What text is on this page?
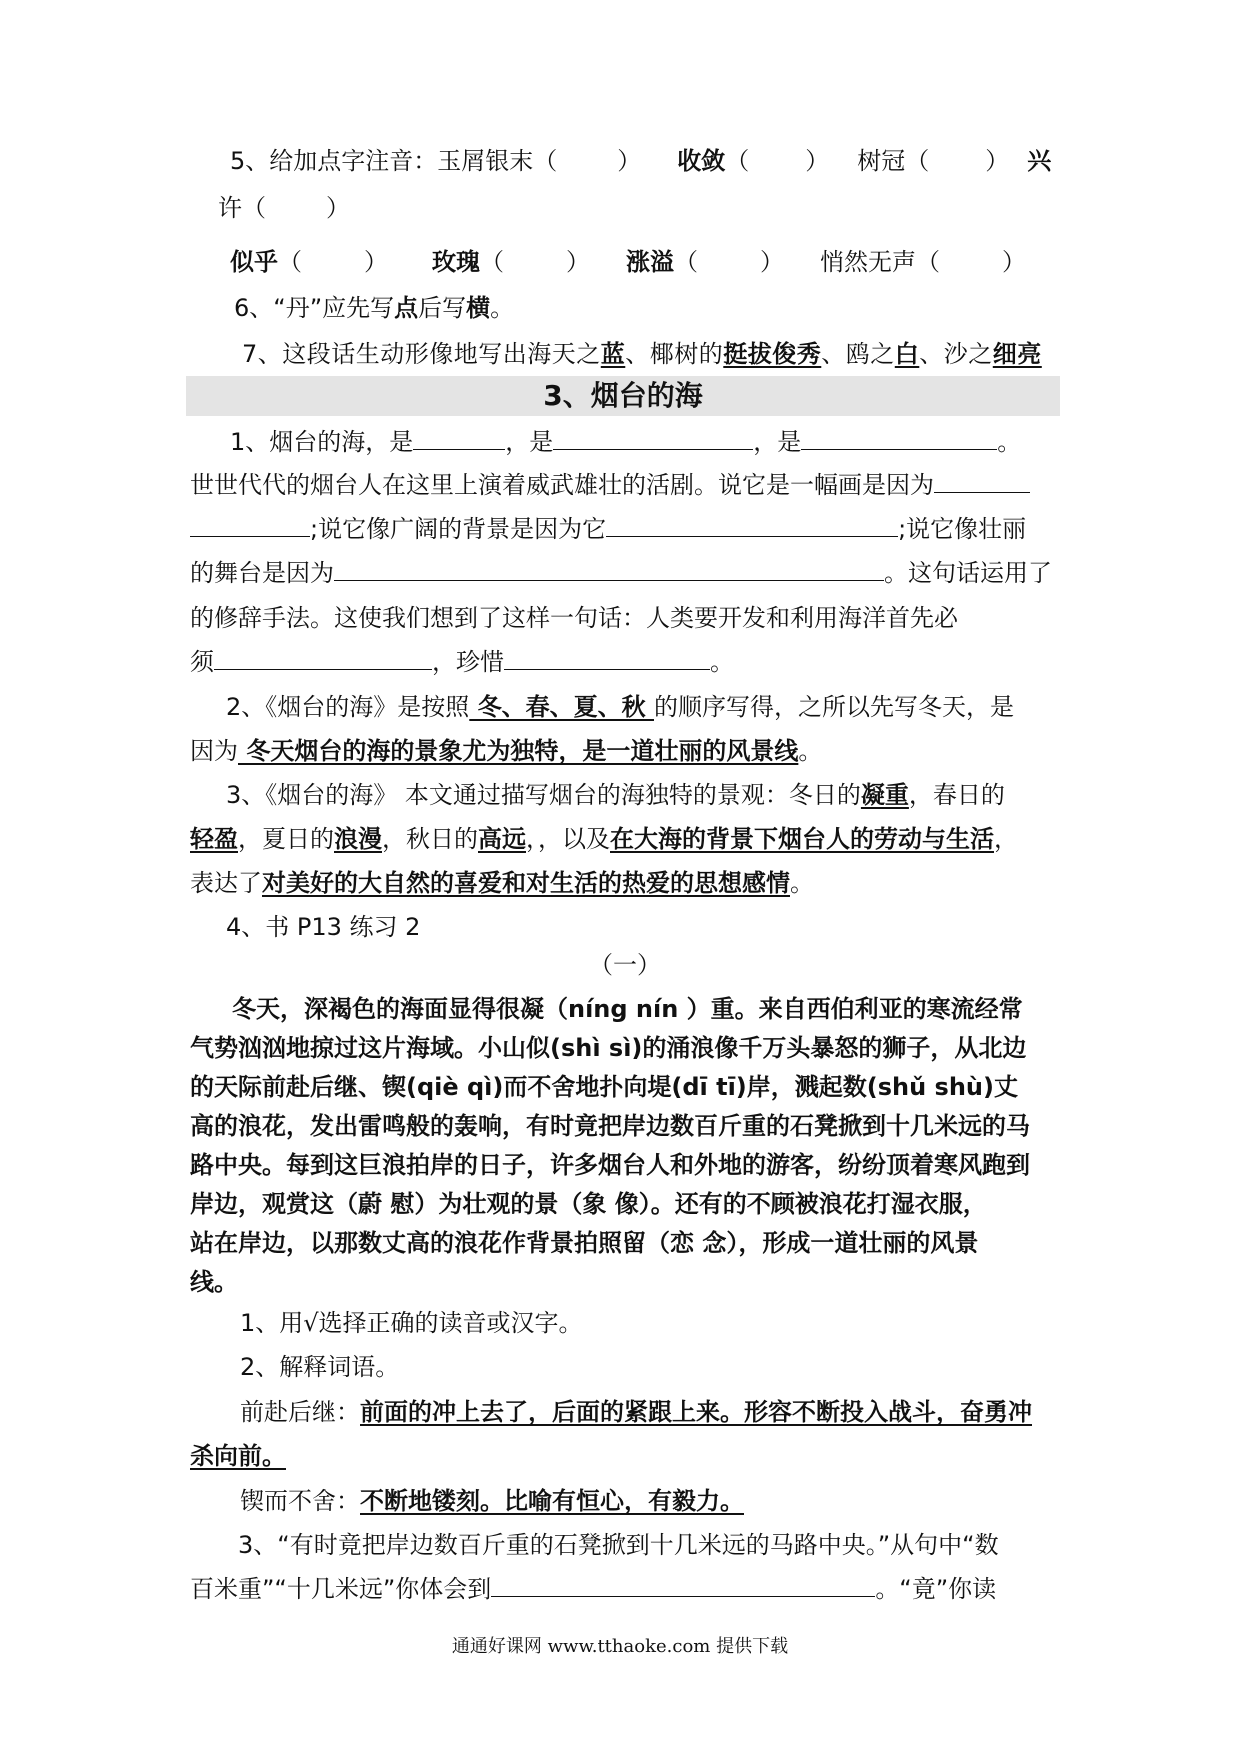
5、给加点字注音：玉屑银末（	） 收敛（ ） 树冠（ ） 兴
许（	）
似乎（	） 玫瑰（	） 涨溢（	） 悄然无声（	）
6、“丹”应先写点后写横。
7、这段话生动形像地写出海天之蓝、椰树的挺拔俊秀、鸥之白、沙之细亮
3、烟台的海
1、烟台的海，是	，是	，是	。
世世代代的烟台人在这里上演着威武雄壮的活剧。说它是一幅画是因为
;说它像广阔的背景是因为它	;说它像壮丽
的舞台是因为	。这句话运用了
的修辞手法。这使我们想到了这样一句话：人类要开发和利用海洋首先必
须	，珍惜	。
2、《烟台的海》是按照 冬、春、夏、秋 的顺序写得，之所以先写冬天，是
因为 冬天烟台的海的景象尤为独特，是一道壮丽的风景线。
3、《烟台的海》 本文通过描写烟台的海独特的景观：冬日的凝重，春日的
轻盈，夏日的浪漫，秋日的高远，，以及在大海的背景下烟台人的劳动与生活，
表达了对美好的大自然的喜爱和对生活的热爱的思想感情。
4、书 P13 练习 2
（一）
冬天，深褐色的海面显得很凝（níng nín ）重。来自西伯利亚的寒流经常
气势汹汹地掠过这片海域。小山似(shì sì)的涌浪像千万头暴怒的狮子，从北边
的天际前赴后继、锲(qiè qì)而不舍地扑向堤(dī tī)岸，溅起数(shǔ shù)丈
高的浪花，发出雷鸣般的轰响，有时竟把岸边数百斤重的石凳掀到十几米远的马
路中央。每到这巨浪拍岸的日子，许多烟台人和外地的游客，纷纷顶着寒风跑到
岸边，观赏这（蔚 慰）为壮观的景（象 像）。还有的不顾被浪花打湿衣服，
站在岸边，以那数丈高的浪花作背景拍照留（恋 念），形成一道壮丽的风景
线。
1、用√选择正确的读音或汉字。
2、解释词语。
前赴后继：前面的冲上去了，后面的紧跟上来。形容不断投入战斗，奋勇冲
杀向前。
锲而不舍：不断地镂刻。比喻有恒心，有毅力。
3、“有时竟把岸边数百斤重的石凳掀到十几米远的马路中央。”从句中“数
百米重”“十几米远”你体会到	。“竟”你读
通通好课网 www.tthaoke.com 提供下载
